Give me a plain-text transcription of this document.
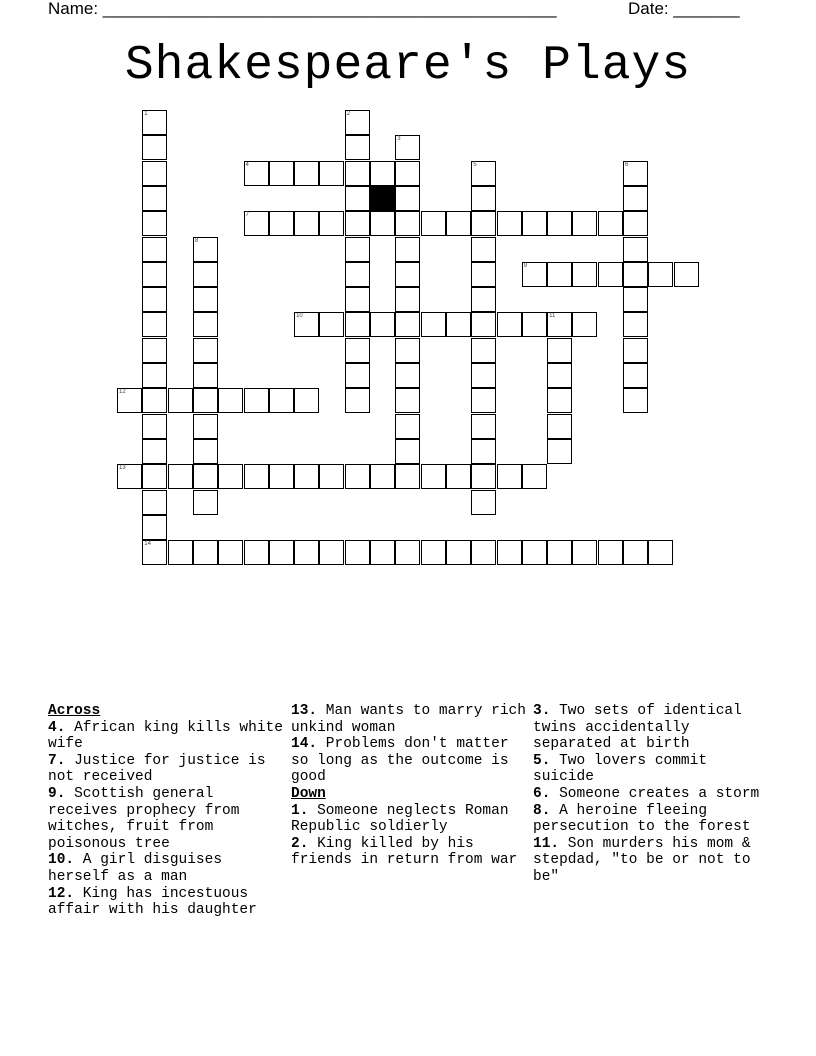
Name: ________________________________________________	Date: _______
Shakespeare's Plays
4
7
9
10	11
12
13
14
1	2
3
5	6
8
Across
4. African king kills white wife
7. Justice for justice is not received
9. Scottish general receives prophecy from witches, fruit from poisonous tree
10. A girl disguises herself as a man
12. King has incestuous affair with his daughter
13. Man wants to marry rich unkind woman
14. Problems don't matter so long as the outcome is good
Down
1. Someone neglects Roman Republic soldierly
2. King killed by his friends in return from war
3. Two sets of identical twins accidentally separated at birth
5. Two lovers commit suicide
6. Someone creates a storm
8. A heroine fleeing persecution to the forest
11. Son murders his mom & stepdad, "to be or not to be"
